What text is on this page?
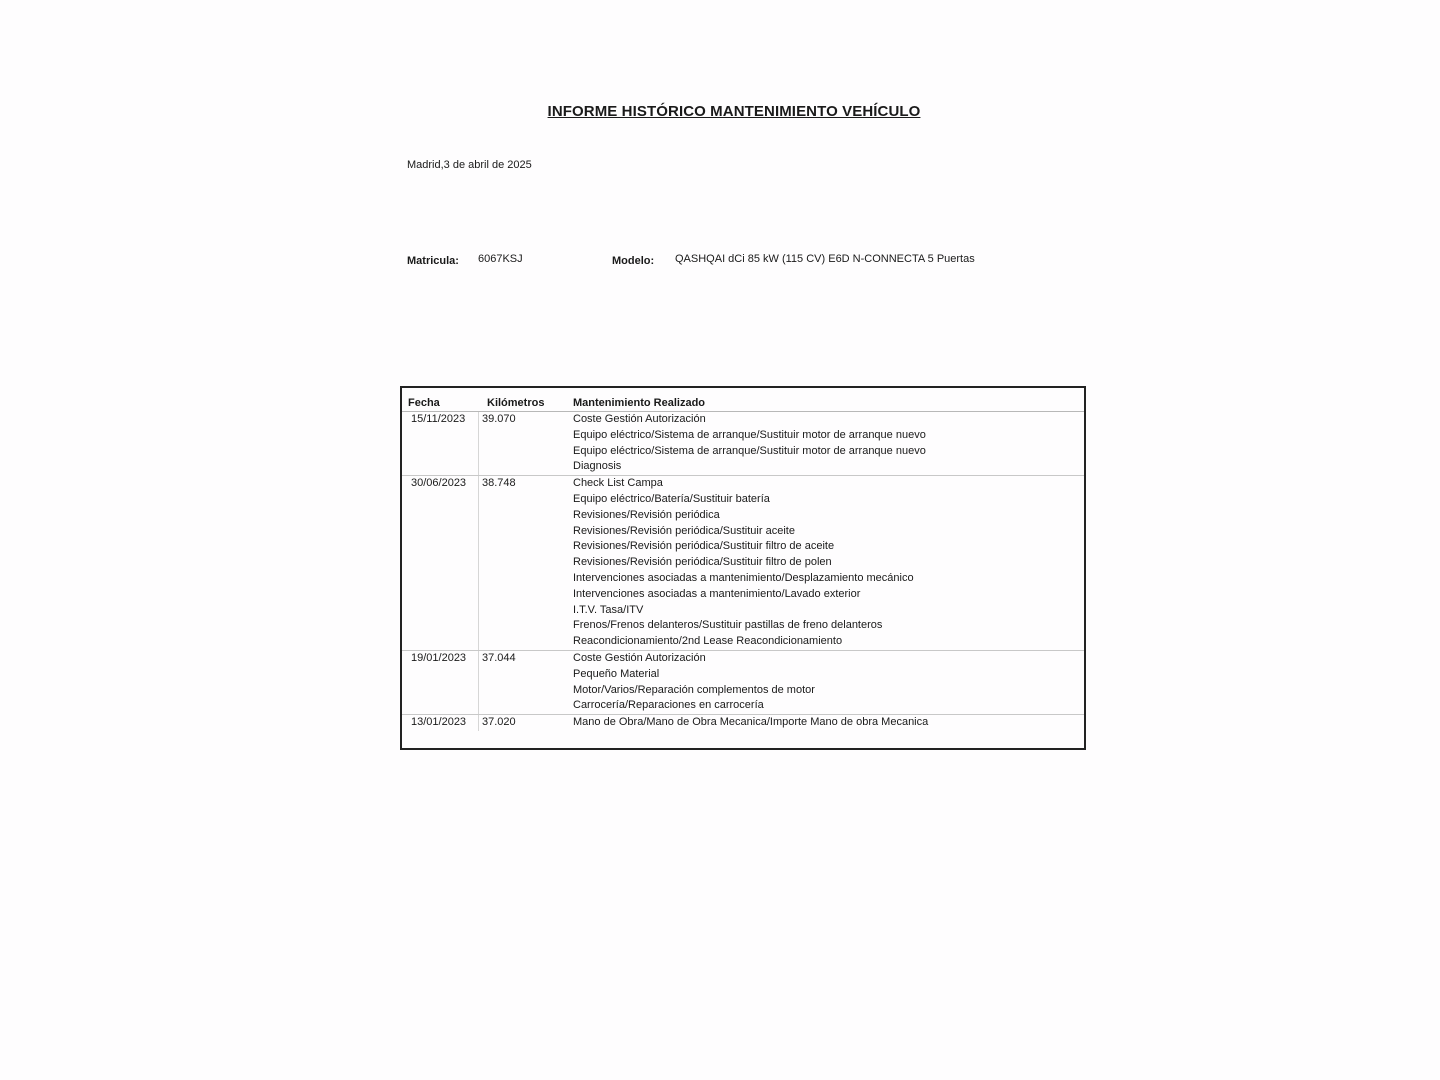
INFORME HISTÓRICO MANTENIMIENTO VEHÍCULO
Madrid,3 de abril de 2025
Matricula: 6067KSJ	Modelo: QASHQAI dCi 85 kW (115 CV) E6D N-CONNECTA 5 Puertas
Fecha	Kilómetros	Mantenimiento Realizado
15/11/2023	39.070	Coste Gestión Autorización
Equipo eléctrico/Sistema de arranque/Sustituir motor de arranque nuevo
Equipo eléctrico/Sistema de arranque/Sustituir motor de arranque nuevo
Diagnosis
30/06/2023	38.748	Check List Campa
Equipo eléctrico/Batería/Sustituir batería
Revisiones/Revisión periódica
Revisiones/Revisión periódica/Sustituir aceite
Revisiones/Revisión periódica/Sustituir filtro de aceite
Revisiones/Revisión periódica/Sustituir filtro de polen
Intervenciones asociadas a mantenimiento/Desplazamiento mecánico
Intervenciones asociadas a mantenimiento/Lavado exterior
I.T.V. Tasa/ITV
Frenos/Frenos delanteros/Sustituir pastillas de freno delanteros
Reacondicionamiento/2nd Lease Reacondicionamiento
19/01/2023	37.044	Coste Gestión Autorización
Pequeño Material
Motor/Varios/Reparación complementos de motor
Carrocería/Reparaciones en carrocería
13/01/2023	37.020	Mano de Obra/Mano de Obra Mecanica/Importe Mano de obra Mecanica
